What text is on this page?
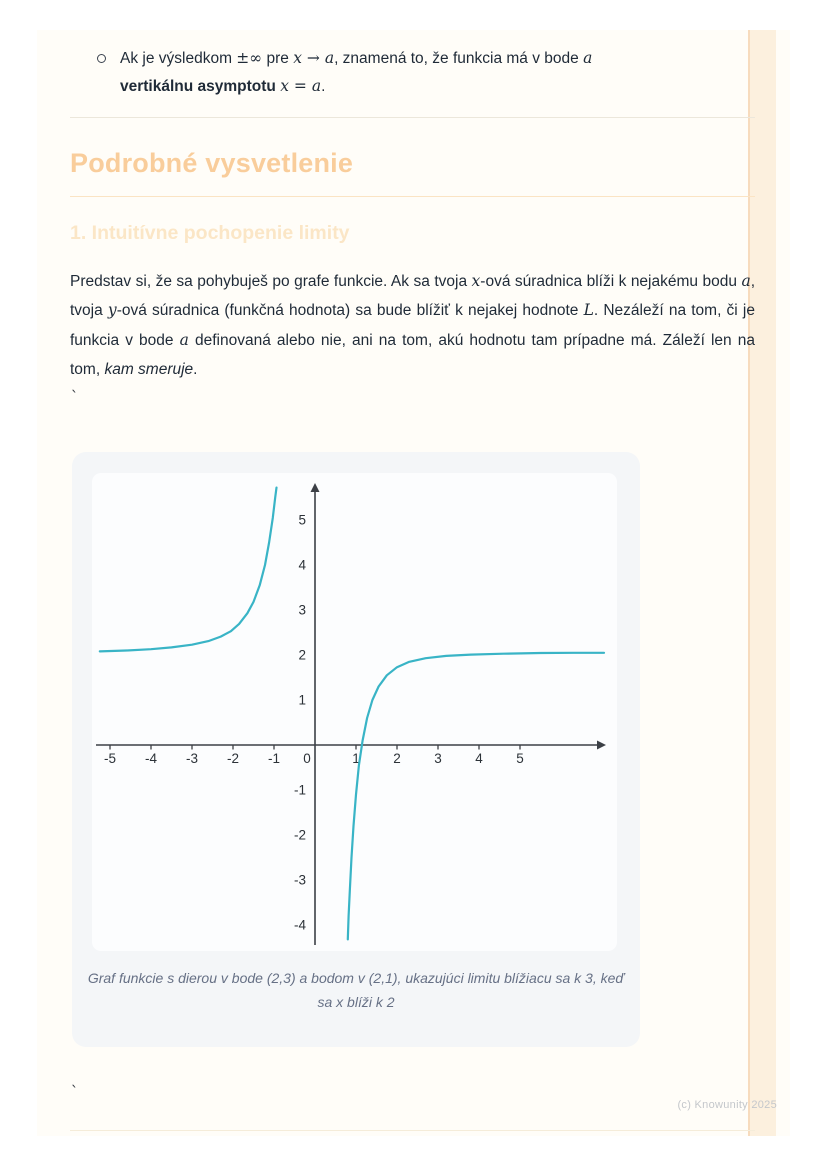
Ak je výsledkom ±∞ pre x → a, znamená to, že funkcia má v bode a
vertikálnu asymptotu x = a.
Podrobné vysvetlenie
1. Intuitívne pochopenie limity
Predstav si, že sa pohybuješ po grafe funkcie. Ak sa tvoja x-ová súradnica blíži k nejakému bodu a, tvoja y-ová súradnica (funkčná hodnota) sa bude blížiť k nejakej hodnote L. Nezáleží na tom, či je funkcia v bode a definovaná alebo nie, ani na tom, akú hodnotu tam prípadne má. Záleží len na tom, kam smeruje.
`
-5 -4 -3 -2 -1 0	1 2 3 4 5
5
4
3
2
1
-1
-2
-3
-4
Graf funkcie s dierou v bode (2,3) a bodom v (2,1), ukazujúci limitu blížiacu sa k 3, keď sa x blíži k 2
`
(c) Knowunity 2025
